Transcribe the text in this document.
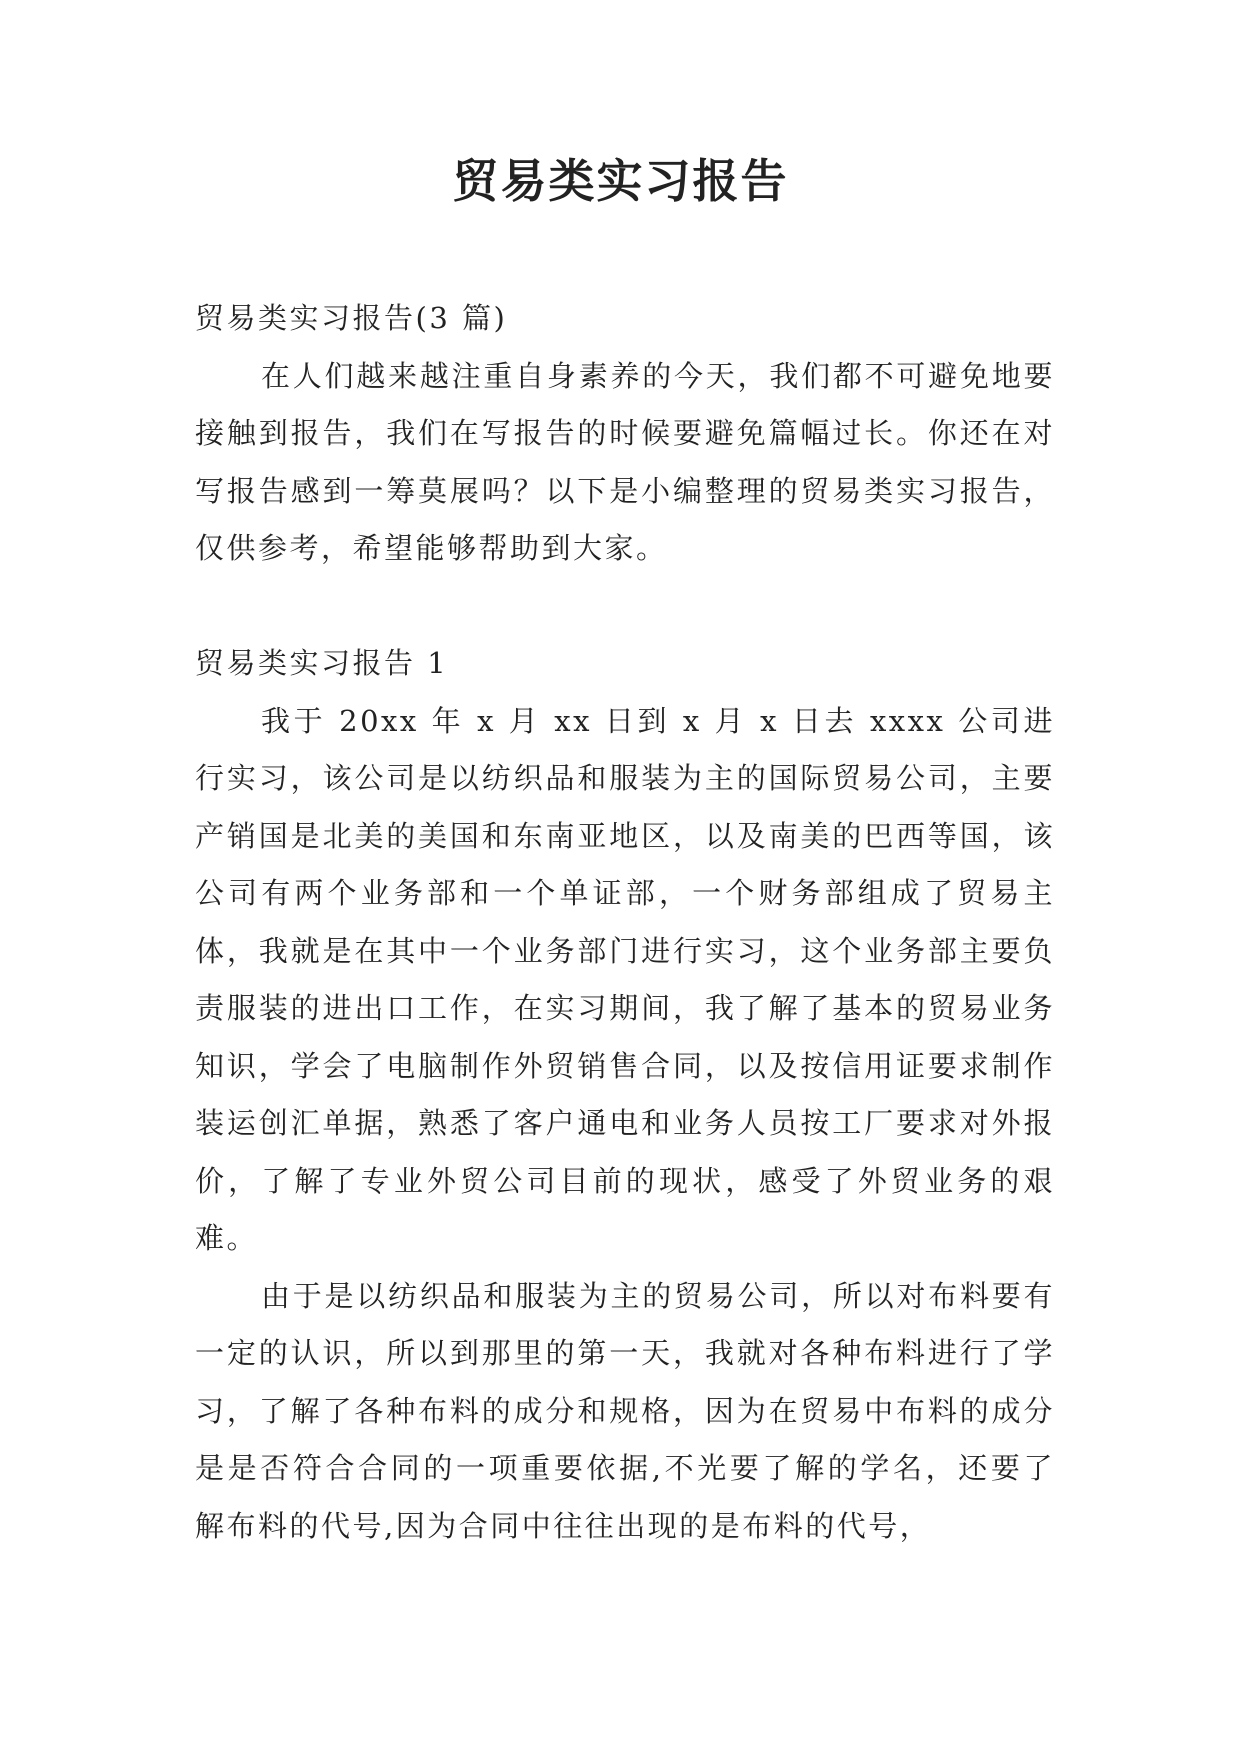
贸易类实习报告

贸易类实习报告(3 篇)

在人们越来越注重自身素养的今天，我们都不可避免地要接触到报告，我们在写报告的时候要避免篇幅过长。你还在对写报告感到一筹莫展吗？以下是小编整理的贸易类实习报告，仅供参考，希望能够帮助到大家。

贸易类实习报告 1

我于 20xx 年 x 月 xx 日到 x 月 x 日去 xxxx 公司进行实习，该公司是以纺织品和服装为主的国际贸易公司，主要产销国是北美的美国和东南亚地区，以及南美的巴西等国，该公司有两个业务部和一个单证部，一个财务部组成了贸易主体，我就是在其中一个业务部门进行实习，这个业务部主要负责服装的进出口工作，在实习期间，我了解了基本的贸易业务知识，学会了电脑制作外贸销售合同，以及按信用证要求制作装运创汇单据，熟悉了客户通电和业务人员按工厂要求对外报价，了解了专业外贸公司目前的现状，感受了外贸业务的艰难。

由于是以纺织品和服装为主的贸易公司，所以对布料要有一定的认识，所以到那里的第一天，我就对各种布料进行了学习，了解了各种布料的成分和规格，因为在贸易中布料的成分是是否符合合同的一项重要依据,不光要了解的学名，还要了解布料的代号,因为合同中往往出现的是布料的代号，
